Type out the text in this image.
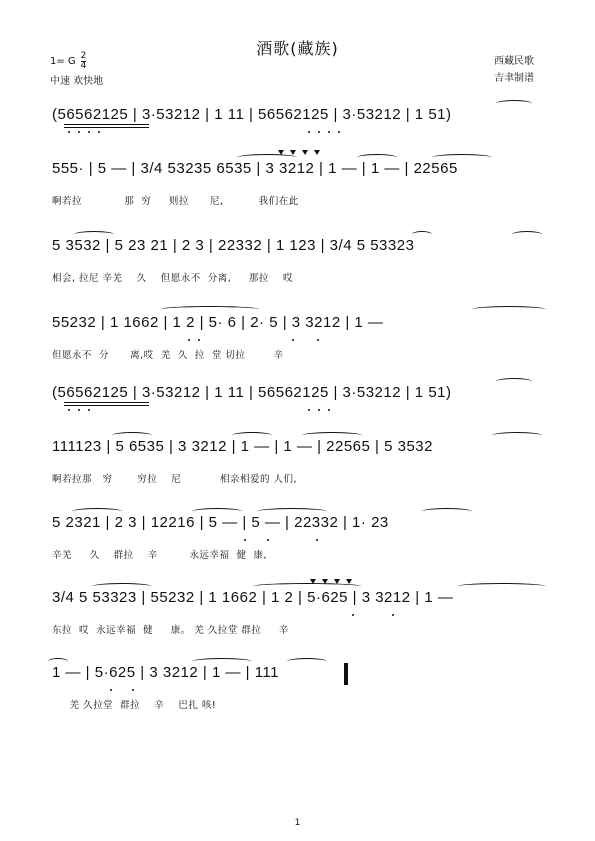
酒歌(藏族)
1= G 2
4
中速 欢快地
西藏民歌
吉聿制谱
(56562125 | 3·53212 | 1 11 | 56562125 | 3·53212 | 1 51)
555· | 5 — | 3/4 53235 6535 | 3 3212 | 1 — | 1 — | 22565
啊若拉            那  穷     则拉      尼,          我们在此
5 3532 | 5 23 21 | 2 3 | 22332 | 1 123 | 3/4 5 53323
相会, 拉尼 辛羌    久    但愿永不  分离,     那拉    哎
55232 | 1 1662 | 1 2 | 5· 6 | 2· 5 | 3 3212 | 1 —
但愿永不  分      离,哎  羌  久  拉  堂 切拉        辛
(56562125 | 3·53212 | 1 11 | 56562125 | 3·53212 | 1 51)
111123 | 5 6535 | 3 3212 | 1 — | 1 — | 22565 | 5 3532
啊若拉那   穷       穷拉    尼           相亲相爱的 人们,
5 2321 | 2 3 | 12216 | 5 — | 5 — | 22332 | 1· 23
辛羌     久    群拉    辛         永远幸福  健  康,
3/4 5 53323 | 55232 | 1 1662 | 1 2 | 5·625 | 3 3212 | 1 —
东拉  哎  永远幸福  健     康。 羌 久拉堂 群拉     辛
1 — | 5·625 | 3 3212 | 1 — | 111
羌 久拉堂  群拉    辛    巴扎 咳!
1
